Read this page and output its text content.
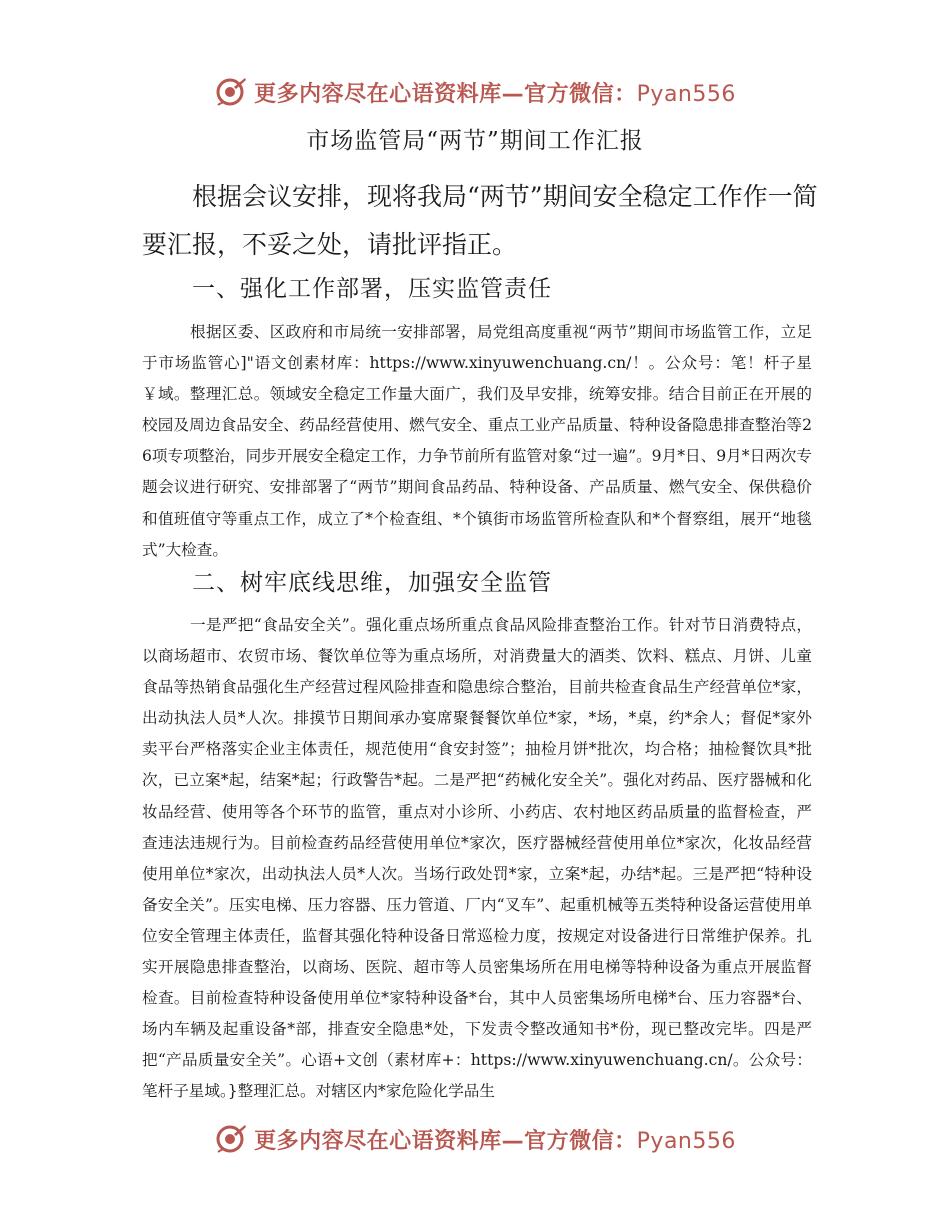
更多内容尽在心语资料库—官方微信：Pyan556
市场监管局“两节”期间工作汇报

根据会议安排，现将我局“两节”期间安全稳定工作作一简要汇报，不妥之处，请批评指正。

一、强化工作部署，压实监管责任

根据区委、区政府和市局统一安排部署，局党组高度重视“两节”期间市场监管工作，立足于市场监管心]"语文创素材库：https://www.xinyuwenchuang.cn/！。公众号：笔！杆子星￥域。整理汇总。领域安全稳定工作量大面广，我们及早安排，统筹安排。结合目前正在开展的校园及周边食品安全、药品经营使用、燃气安全、重点工业产品质量、特种设备隐患排查整治等26项专项整治，同步开展安全稳定工作，力争节前所有监管对象“过一遍”。9月*日、9月*日两次专题会议进行研究、安排部署了“两节”期间食品药品、特种设备、产品质量、燃气安全、保供稳价和值班值守等重点工作，成立了*个检查组、*个镇街市场监管所检查队和*个督察组，展开“地毯式”大检查。

二、树牢底线思维，加强安全监管

一是严把“食品安全关”。强化重点场所重点食品风险排查整治工作。针对节日消费特点，以商场超市、农贸市场、餐饮单位等为重点场所，对消费量大的酒类、饮料、糕点、月饼、儿童食品等热销食品强化生产经营过程风险排查和隐患综合整治，目前共检查食品生产经营单位*家，出动执法人员*人次。排摸节日期间承办宴席聚餐餐饮单位*家，*场，*桌，约*余人；督促*家外卖平台严格落实企业主体责任，规范使用“食安封签”；抽检月饼*批次，均合格；抽检餐饮具*批次，已立案*起，结案*起；行政警告*起。二是严把“药械化安全关”。强化对药品、医疗器械和化妆品经营、使用等各个环节的监管，重点对小诊所、小药店、农村地区药品质量的监督检查，严查违法违规行为。目前检查药品经营使用单位*家次，医疗器械经营使用单位*家次，化妆品经营使用单位*家次，出动执法人员*人次。当场行政处罚*家，立案*起，办结*起。三是严把“特种设备安全关”。压实电梯、压力容器、压力管道、厂内“叉车”、起重机械等五类特种设备运营使用单位安全管理主体责任，监督其强化特种设备日常巡检力度，按规定对设备进行日常维护保养。扎实开展隐患排查整治，以商场、医院、超市等人员密集场所在用电梯等特种设备为重点开展监督检查。目前检查特种设备使用单位*家特种设备*台，其中人员密集场所电梯*台、压力容器*台、场内车辆及起重设备*部，排查安全隐患*处，下发责令整改通知书*份，现已整改完毕。四是严把“产品质量安全关”。心语+文创（素材库+：https://www.xinyuwenchuang.cn/。公众号：笔杆子星域。}整理汇总。对辖区内*家危险化学品生

更多内容尽在心语资料库—官方微信：Pyan556
